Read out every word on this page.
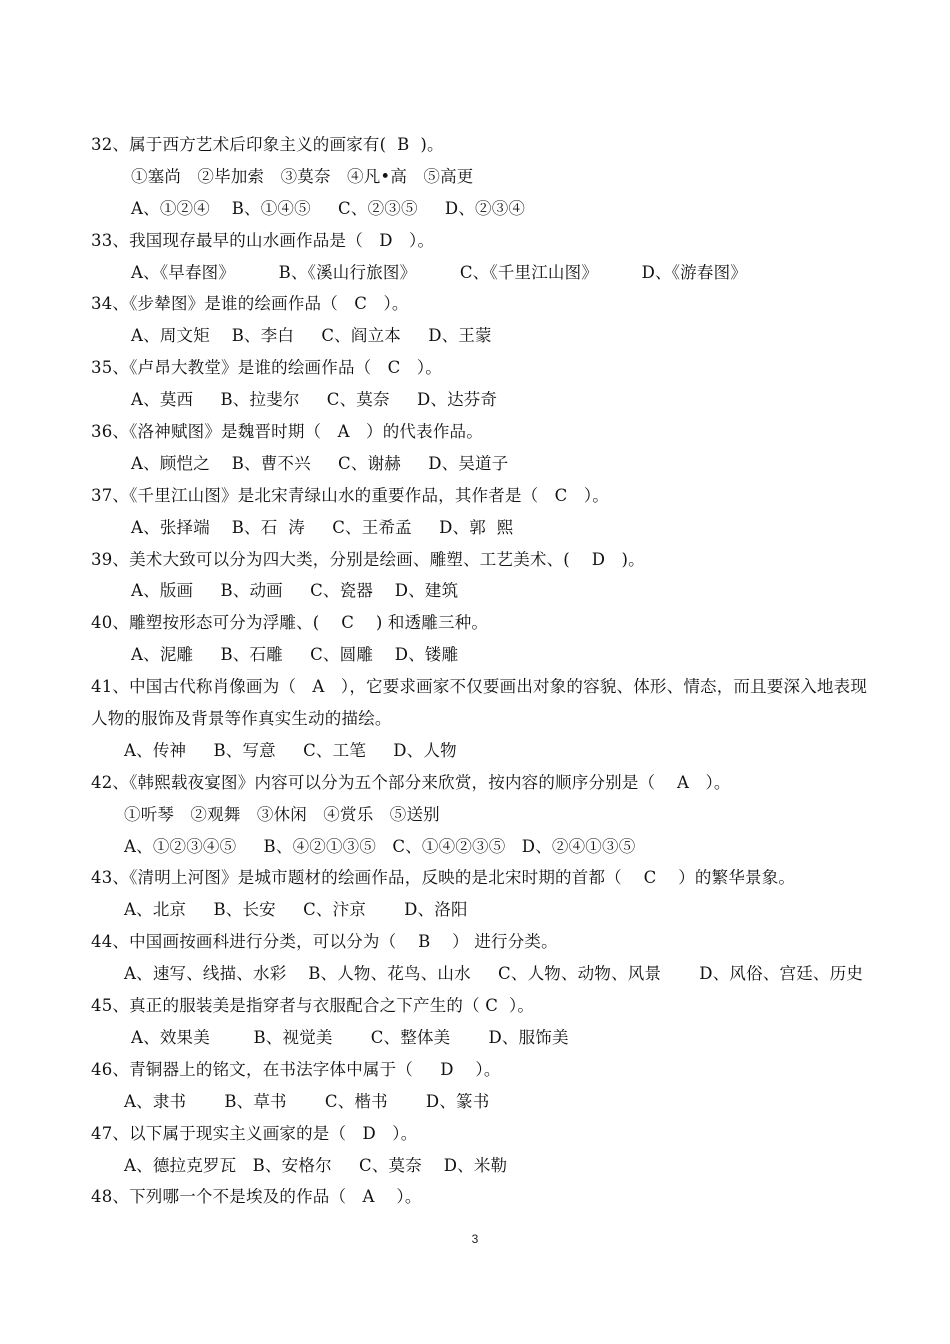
32、属于西方艺术后印象主义的画家有(  B  )。
①塞尚   ②毕加索   ③莫奈   ④凡•高   ⑤高更
A、①②④    B、①④⑤     C、②③⑤     D、②③④
33、我国现存最早的山水画作品是（   D   ）。
A、《早春图》        B、《溪山行旅图》        C、《千里江山图》        D、《游春图》
34、《步辇图》是谁的绘画作品（   C   ）。
A、周文矩    B、李白     C、阎立本     D、王蒙
35、《卢昂大教堂》是谁的绘画作品（   C   ）。
A、莫西     B、拉斐尔     C、莫奈     D、达芬奇
36、《洛神赋图》是魏晋时期（   A   ）的代表作品。
A、顾恺之    B、曹不兴     C、谢赫     D、吴道子
37、《千里江山图》是北宋青绿山水的重要作品，其作者是（   C   ）。
A、张择端    B、石  涛     C、王希孟     D、郭  熙
39、美术大致可以分为四大类，分别是绘画、雕塑、工艺美术、(    D   )。
A、版画     B、动画     C、瓷器    D、建筑
40、雕塑按形态可分为浮雕、(    C    ) 和透雕三种。
A、泥雕     B、石雕     C、圆雕    D、镂雕
41、中国古代称肖像画为（   A   ），它要求画家不仅要画出对象的容貌、体形、情态，而且要深入地表现
人物的服饰及背景等作真实生动的描绘。
A、传神     B、写意     C、工笔     D、人物
42、《韩熙载夜宴图》内容可以分为五个部分来欣赏，按内容的顺序分别是（    A   ）。
①听琴   ②观舞   ③休闲   ④赏乐   ⑤送别
A、①②③④⑤     B、④②①③⑤   C、①④②③⑤   D、②④①③⑤
43、《清明上河图》是城市题材的绘画作品，反映的是北宋时期的首都（    C    ）的繁华景象。
A、北京     B、长安     C、汴京       D、洛阳
44、中国画按画科进行分类，可以分为（    B    ） 进行分类。
A、速写、线描、水彩    B、人物、花鸟、山水     C、人物、动物、风景       D、风俗、宫廷、历史
45、真正的服装美是指穿者与衣服配合之下产生的（ C  ）。
A、效果美        B、视觉美       C、整体美       D、服饰美
46、青铜器上的铭文，在书法字体中属于（     D    ）。
A、隶书       B、草书       C、楷书       D、篆书
47、以下属于现实主义画家的是（   D   ）。
A、德拉克罗瓦   B、安格尔     C、莫奈    D、米勒
48、下列哪一个不是埃及的作品（   A    ）。
3
